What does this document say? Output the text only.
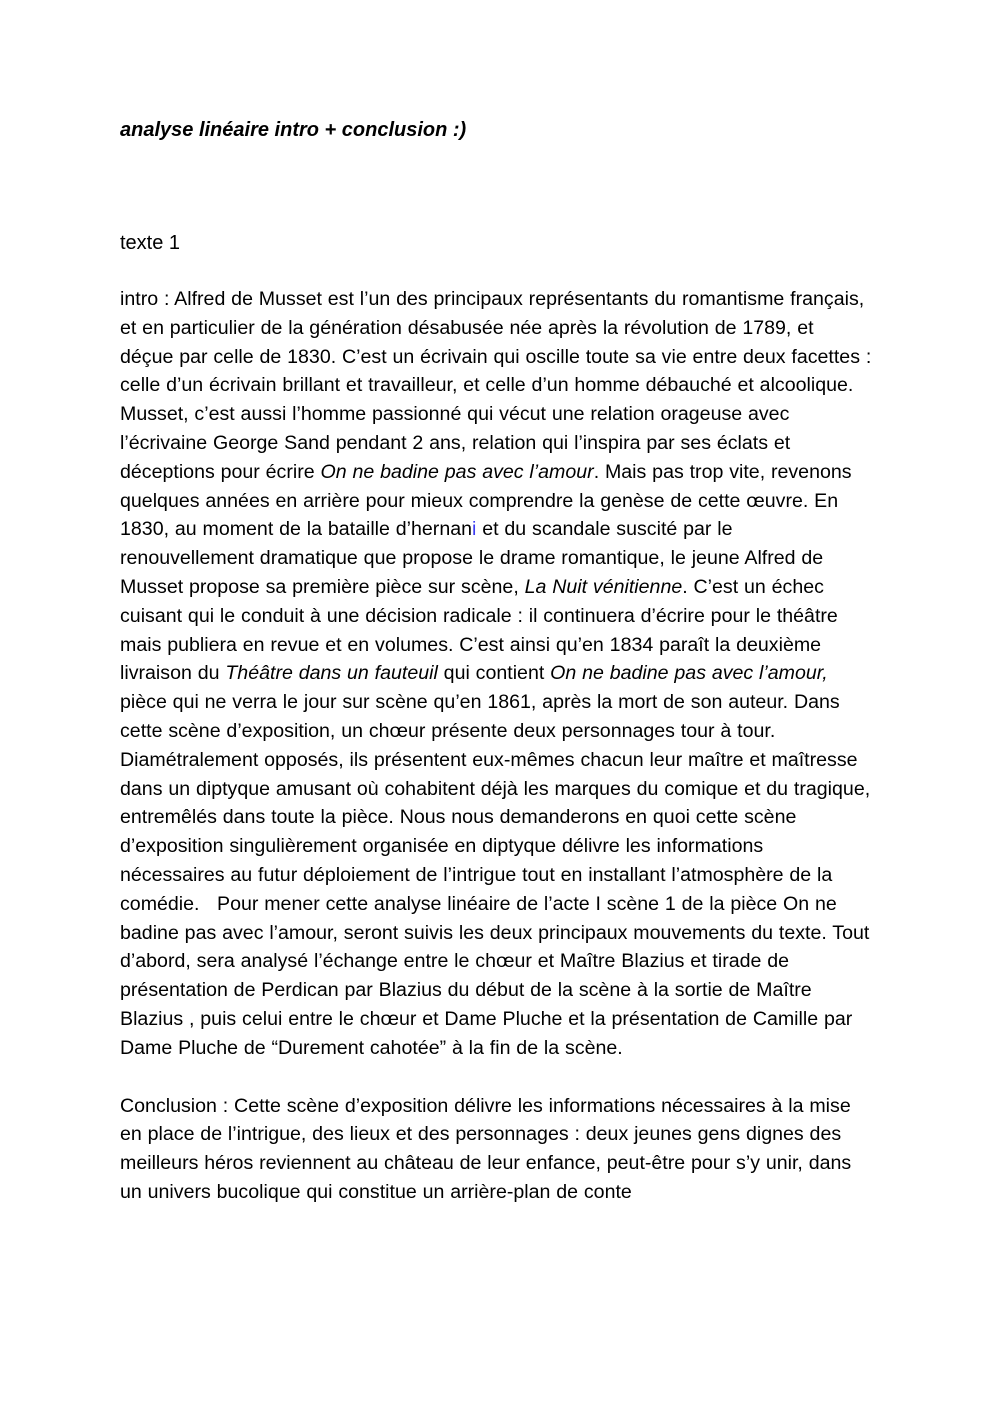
analyse linéaire intro + conclusion :)

texte 1

intro : Alfred de Musset est l’un des principaux représentants du romantisme français, et en particulier de la génération désabusée née après la révolution de 1789, et déçue par celle de 1830. C’est un écrivain qui oscille toute sa vie entre deux facettes : celle d’un écrivain brillant et travailleur, et celle d’un homme débauché et alcoolique. Musset, c’est aussi l’homme passionné qui vécut une relation orageuse avec l’écrivaine George Sand pendant 2 ans, relation qui l’inspira par ses éclats et déceptions pour écrire On ne badine pas avec l’amour. Mais pas trop vite, revenons quelques années en arrière pour mieux comprendre la genèse de cette œuvre. En 1830, au moment de la bataille d’hernani et du scandale suscité par le renouvellement dramatique que propose le drame romantique, le jeune Alfred de Musset propose sa première pièce sur scène, La Nuit vénitienne. C’est un échec cuisant qui le conduit à une décision radicale : il continuera d’écrire pour le théâtre mais publiera en revue et en volumes. C’est ainsi qu’en 1834 paraît la deuxième livraison du Théâtre dans un fauteuil qui contient On ne badine pas avec l’amour, pièce qui ne verra le jour sur scène qu’en 1861, après la mort de son auteur. Dans cette scène d’exposition, un chœur présente deux personnages tour à tour. Diamétralement opposés, ils présentent eux-mêmes chacun leur maître et maîtresse dans un diptyque amusant où cohabitent déjà les marques du comique et du tragique, entremêlés dans toute la pièce. Nous nous demanderons en quoi cette scène d’exposition singulièrement organisée en diptyque délivre les informations nécessaires au futur déploiement de l’intrigue tout en installant l’atmosphère de la comédie.   Pour mener cette analyse linéaire de l’acte I scène 1 de la pièce On ne badine pas avec l’amour, seront suivis les deux principaux mouvements du texte. Tout d’abord, sera analysé l’échange entre le chœur et Maître Blazius et tirade de présentation de Perdican par Blazius du début de la scène à la sortie de Maître Blazius , puis celui entre le chœur et Dame Pluche et la présentation de Camille par Dame Pluche de “Durement cahotée” à la fin de la scène.

Conclusion : Cette scène d’exposition délivre les informations nécessaires à la mise en place de l’intrigue, des lieux et des personnages : deux jeunes gens dignes des meilleurs héros reviennent au château de leur enfance, peut-être pour s’y unir, dans un univers bucolique qui constitue un arrière-plan de conte
